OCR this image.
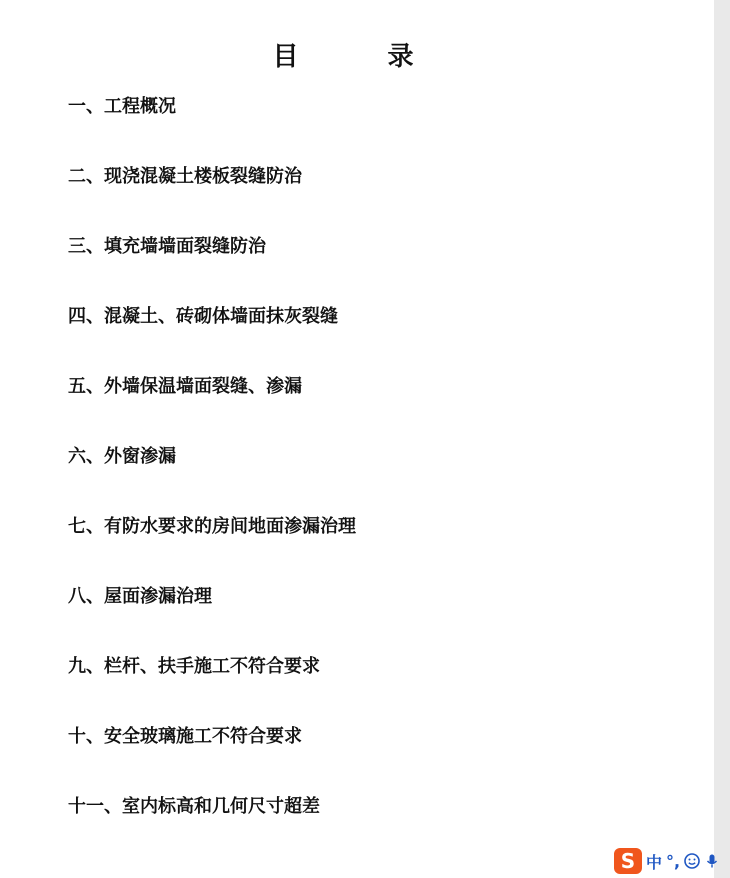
目 录
一、工程概况
二、现浇混凝土楼板裂缝防治
三、填充墙墙面裂缝防治
四、混凝土、砖砌体墙面抹灰裂缝
五、外墙保温墙面裂缝、渗漏
六、外窗渗漏
七、有防水要求的房间地面渗漏治理
八、屋面渗漏治理
九、栏杆、扶手施工不符合要求
十、安全玻璃施工不符合要求
十一、室内标高和几何尺寸超差
S 中 °,
